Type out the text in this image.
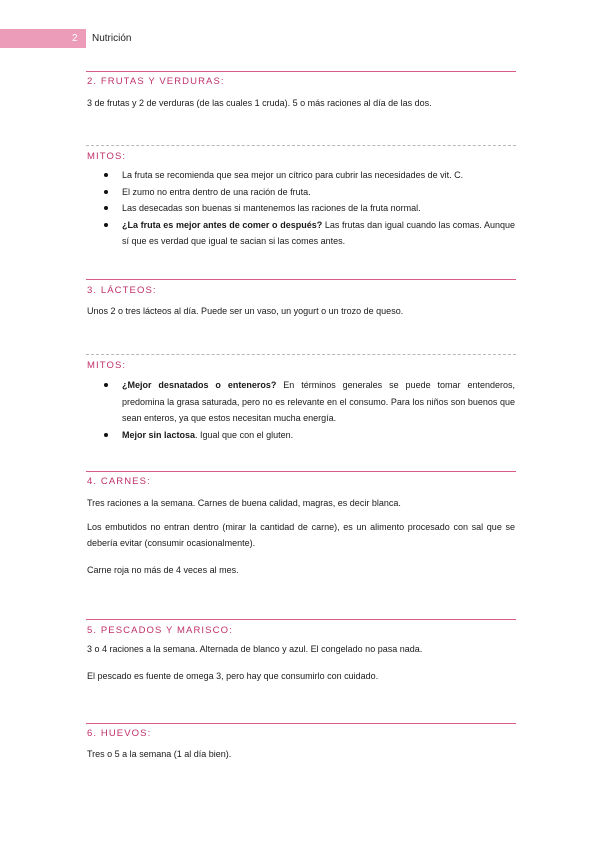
2 Nutrición
2. FRUTAS Y VERDURAS:
3 de frutas y 2 de verduras (de las cuales 1 cruda). 5 o más raciones al día de las dos.
MITOS:
La fruta se recomienda que sea mejor un cítrico para cubrir las necesidades de vit. C.
El zumo no entra dentro de una ración de fruta.
Las desecadas son buenas si mantenemos las raciones de la fruta normal.
¿La fruta es mejor antes de comer o después? Las frutas dan igual cuando las comas. Aunque sí que es verdad que igual te sacian si las comes antes.
3. LÁCTEOS:
Unos 2 o tres lácteos al día. Puede ser un vaso, un yogurt o un trozo de queso.
MITOS:
¿Mejor desnatados o enteneros? En términos generales se puede tomar entenderos, predomina la grasa saturada, pero no es relevante en el consumo. Para los niños son buenos que sean enteros, ya que estos necesitan mucha energía.
Mejor sin lactosa. Igual que con el gluten.
4. CARNES:
Tres raciones a la semana. Carnes de buena calidad, magras, es decir blanca.
Los embutidos no entran dentro (mirar la cantidad de carne), es un alimento procesado con sal que se debería evitar (consumir ocasionalmente).
Carne roja no más de 4 veces al mes.
5. PESCADOS Y MARISCO:
3 o 4 raciones a la semana. Alternada de blanco y azul. El congelado no pasa nada.
El pescado es fuente de omega 3, pero hay que consumirlo con cuidado.
6. HUEVOS:
Tres o 5 a la semana (1 al día bien).
